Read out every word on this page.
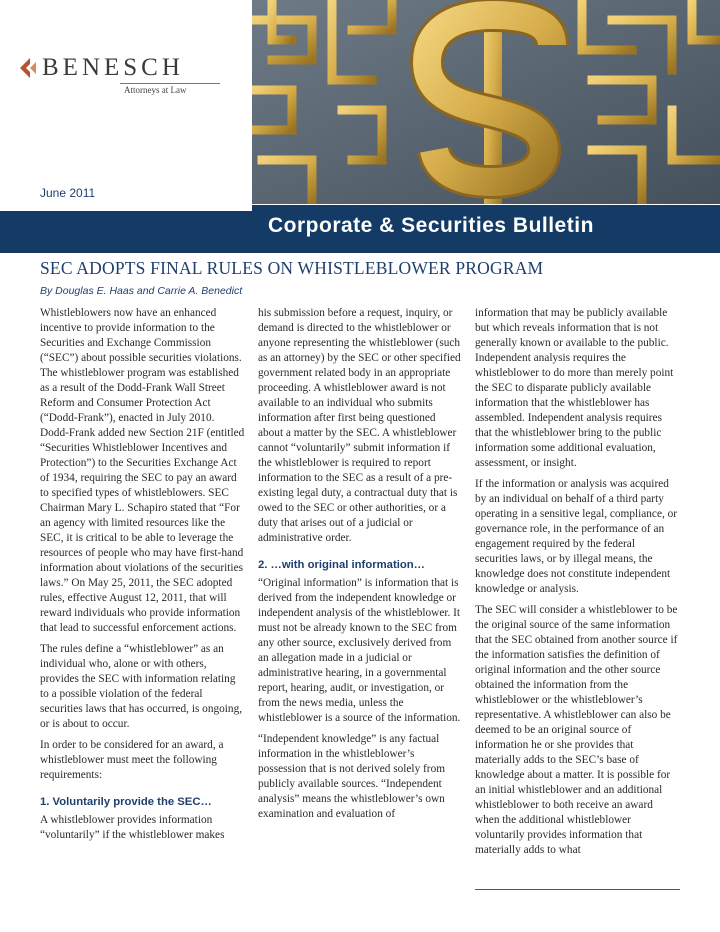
BENESCH
Attorneys at Law
June 2011
Corporate & Securities Bulletin
SEC ADOPTS FINAL RULES ON WHISTLEBLOWER PROGRAM
By Douglas E. Haas and Carrie A. Benedict

Whistleblowers now have an enhanced incentive to provide information to the Securities and Exchange Commission (“SEC”) about possible securities violations. The whistleblower program was established as a result of the Dodd-Frank Wall Street Reform and Consumer Protection Act (“Dodd-Frank”), enacted in July 2010. Dodd-Frank added new Section 21F (entitled “Securities Whistleblower Incentives and Protection”) to the Securities Exchange Act of 1934, requiring the SEC to pay an award to specified types of whistleblowers. SEC Chairman Mary L. Schapiro stated that “For an agency with limited resources like the SEC, it is critical to be able to leverage the resources of people who may have first-hand information about violations of the securities laws.” On May 25, 2011, the SEC adopted rules, effective August 12, 2011, that will reward individuals who provide information that lead to successful enforcement actions.

The rules define a “whistleblower” as an individual who, alone or with others, provides the SEC with information relating to a possible violation of the federal securities laws that has occurred, is ongoing, or is about to occur.

In order to be considered for an award, a whistleblower must meet the following requirements:

1. Voluntarily provide the SEC…

A whistleblower provides information “voluntarily” if the whistleblower makes

his submission before a request, inquiry, or demand is directed to the whistleblower or anyone representing the whistleblower (such as an attorney) by the SEC or other specified government related body in an appropriate proceeding. A whistleblower award is not available to an individual who submits information after first being questioned about a matter by the SEC. A whistleblower cannot “voluntarily” submit information if the whistleblower is required to report information to the SEC as a result of a pre-existing legal duty, a contractual duty that is owed to the SEC or other authorities, or a duty that arises out of a judicial or administrative order.

2. …with original information…

“Original information” is information that is derived from the independent knowledge or independent analysis of the whistleblower. It must not be already known to the SEC from any other source, exclusively derived from an allegation made in a judicial or administrative hearing, in a governmental report, hearing, audit, or investigation, or from the news media, unless the whistleblower is a source of the information.

“Independent knowledge” is any factual information in the whistleblower’s possession that is not derived solely from publicly available sources. “Independent analysis” means the whistleblower’s own examination and evaluation of

information that may be publicly available but which reveals information that is not generally known or available to the public. Independent analysis requires the whistleblower to do more than merely point the SEC to disparate publicly available information that the whistleblower has assembled. Independent analysis requires that the whistleblower bring to the public information some additional evaluation, assessment, or insight.

If the information or analysis was acquired by an individual on behalf of a third party operating in a sensitive legal, compliance, or governance role, in the performance of an engagement required by the federal securities laws, or by illegal means, the knowledge does not constitute independent knowledge or analysis.

The SEC will consider a whistleblower to be the original source of the same information that the SEC obtained from another source if the information satisfies the definition of original information and the other source obtained the information from the whistleblower or the whistleblower’s representative. A whistleblower can also be deemed to be an original source of information he or she provides that materially adds to the SEC’s base of knowledge about a matter. It is possible for an initial whistleblower and an additional whistleblower to both receive an award when the additional whistleblower voluntarily provides information that materially adds to what
